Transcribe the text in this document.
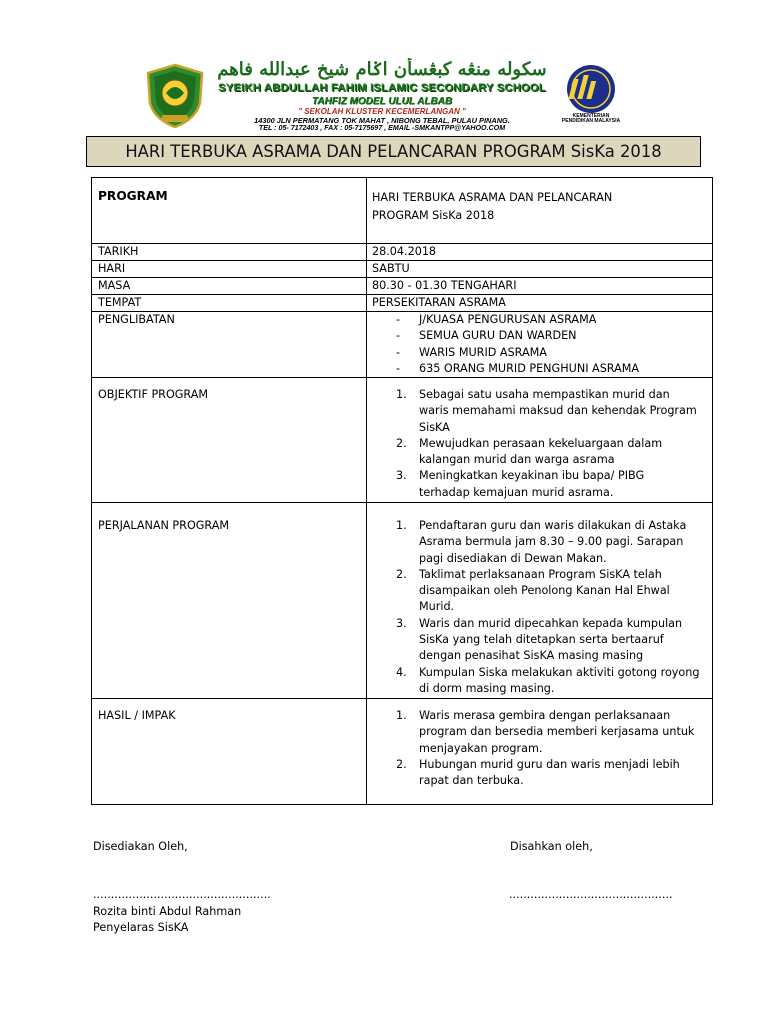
سکوله منڠه کبڠسأن اݢام شيخ عبدالله فاهم
SYEIKH ABDULLAH FAHIM ISLAMIC SECONDARY SCHOOL
TAHFIZ MODEL ULUL ALBAB
" SEKOLAH KLUSTER KECEMERLANGAN "
14300 JLN PERMATANG TOK MAHAT , NIBONG TEBAL, PULAU PINANG.
TEL : 05- 7172403 , FAX : 05-7175697 , EMAIL -SMKANTPP@YAHOO.COM
KEMENTERIAN PENDIDIKAN MALAYSIA
HARI TERBUKA ASRAMA DAN PELANCARAN PROGRAM SisKa 2018
PROGRAM	HARI TERBUKA ASRAMA DAN PELANCARAN
PROGRAM SisKa 2018
TARIKH	28.04.2018
HARI	SABTU
MASA	80.30 - 01.30 TENGAHARI
TEMPAT	PERSEKITARAN ASRAMA
PENGLIBATAN	- J/KUASA PENGURUSAN ASRAMA
- SEMUA GURU DAN WARDEN
- WARIS MURID ASRAMA
- 635 ORANG MURID PENGHUNI ASRAMA
OBJEKTIF PROGRAM	1. Sebagai satu usaha mempastikan murid dan
waris memahami maksud dan kehendak Program
SisKA
2. Mewujudkan perasaan kekeluargaan dalam
kalangan murid dan warga asrama
3. Meningkatkan keyakinan ibu bapa/ PIBG
terhadap kemajuan murid asrama.
PERJALANAN PROGRAM	1. Pendaftaran guru dan waris dilakukan di Astaka
Asrama bermula jam 8.30 – 9.00 pagi. Sarapan
pagi disediakan di Dewan Makan.
2. Taklimat perlaksanaan Program SisKA telah
disampaikan oleh Penolong Kanan Hal Ehwal
Murid.
3. Waris dan murid dipecahkan kepada kumpulan
SisKa yang telah ditetapkan serta bertaaruf
dengan penasihat SisKA masing masing
4. Kumpulan Siska melakukan aktiviti gotong royong
di dorm masing masing.
HASIL / IMPAK	1. Waris merasa gembira dengan perlaksanaan
program dan bersedia memberi kerjasama untuk
menjayakan program.
2. Hubungan murid guru dan waris menjadi lebih
rapat dan terbuka.
Disediakan Oleh,	Disahkan oleh,
..................................................	..............................................
Rozita binti Abdul Rahman
Penyelaras SisKA
